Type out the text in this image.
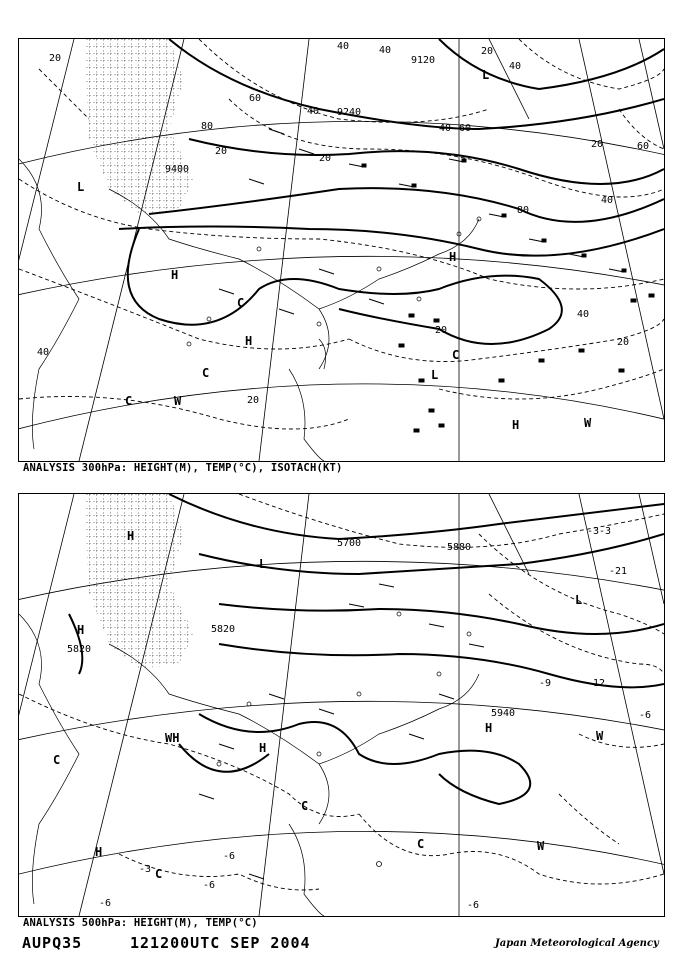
9120
9240
9400
20
40
60
80
40	20
40
20
40
20
40
60
80
60
40
20
20
40
20
20
40
H
C
C
W
C
H
L
L
H	W
C
H
L
ANALYSIS 300hPa: HEIGHT(M), TEMP(°C), ISOTACH(KT)
5700
5820
5820
5940
5880
-3
-9	-12
-21
-6
-6
-6
-6
-3
-6
-3
H
H
L
C
WH
H
H
C
C	W
H
W
C
L
ANALYSIS 500hPa: HEIGHT(M), TEMP(°C)
AUPQ35	121200UTC SEP 2004	Japan Meteorological Agency
